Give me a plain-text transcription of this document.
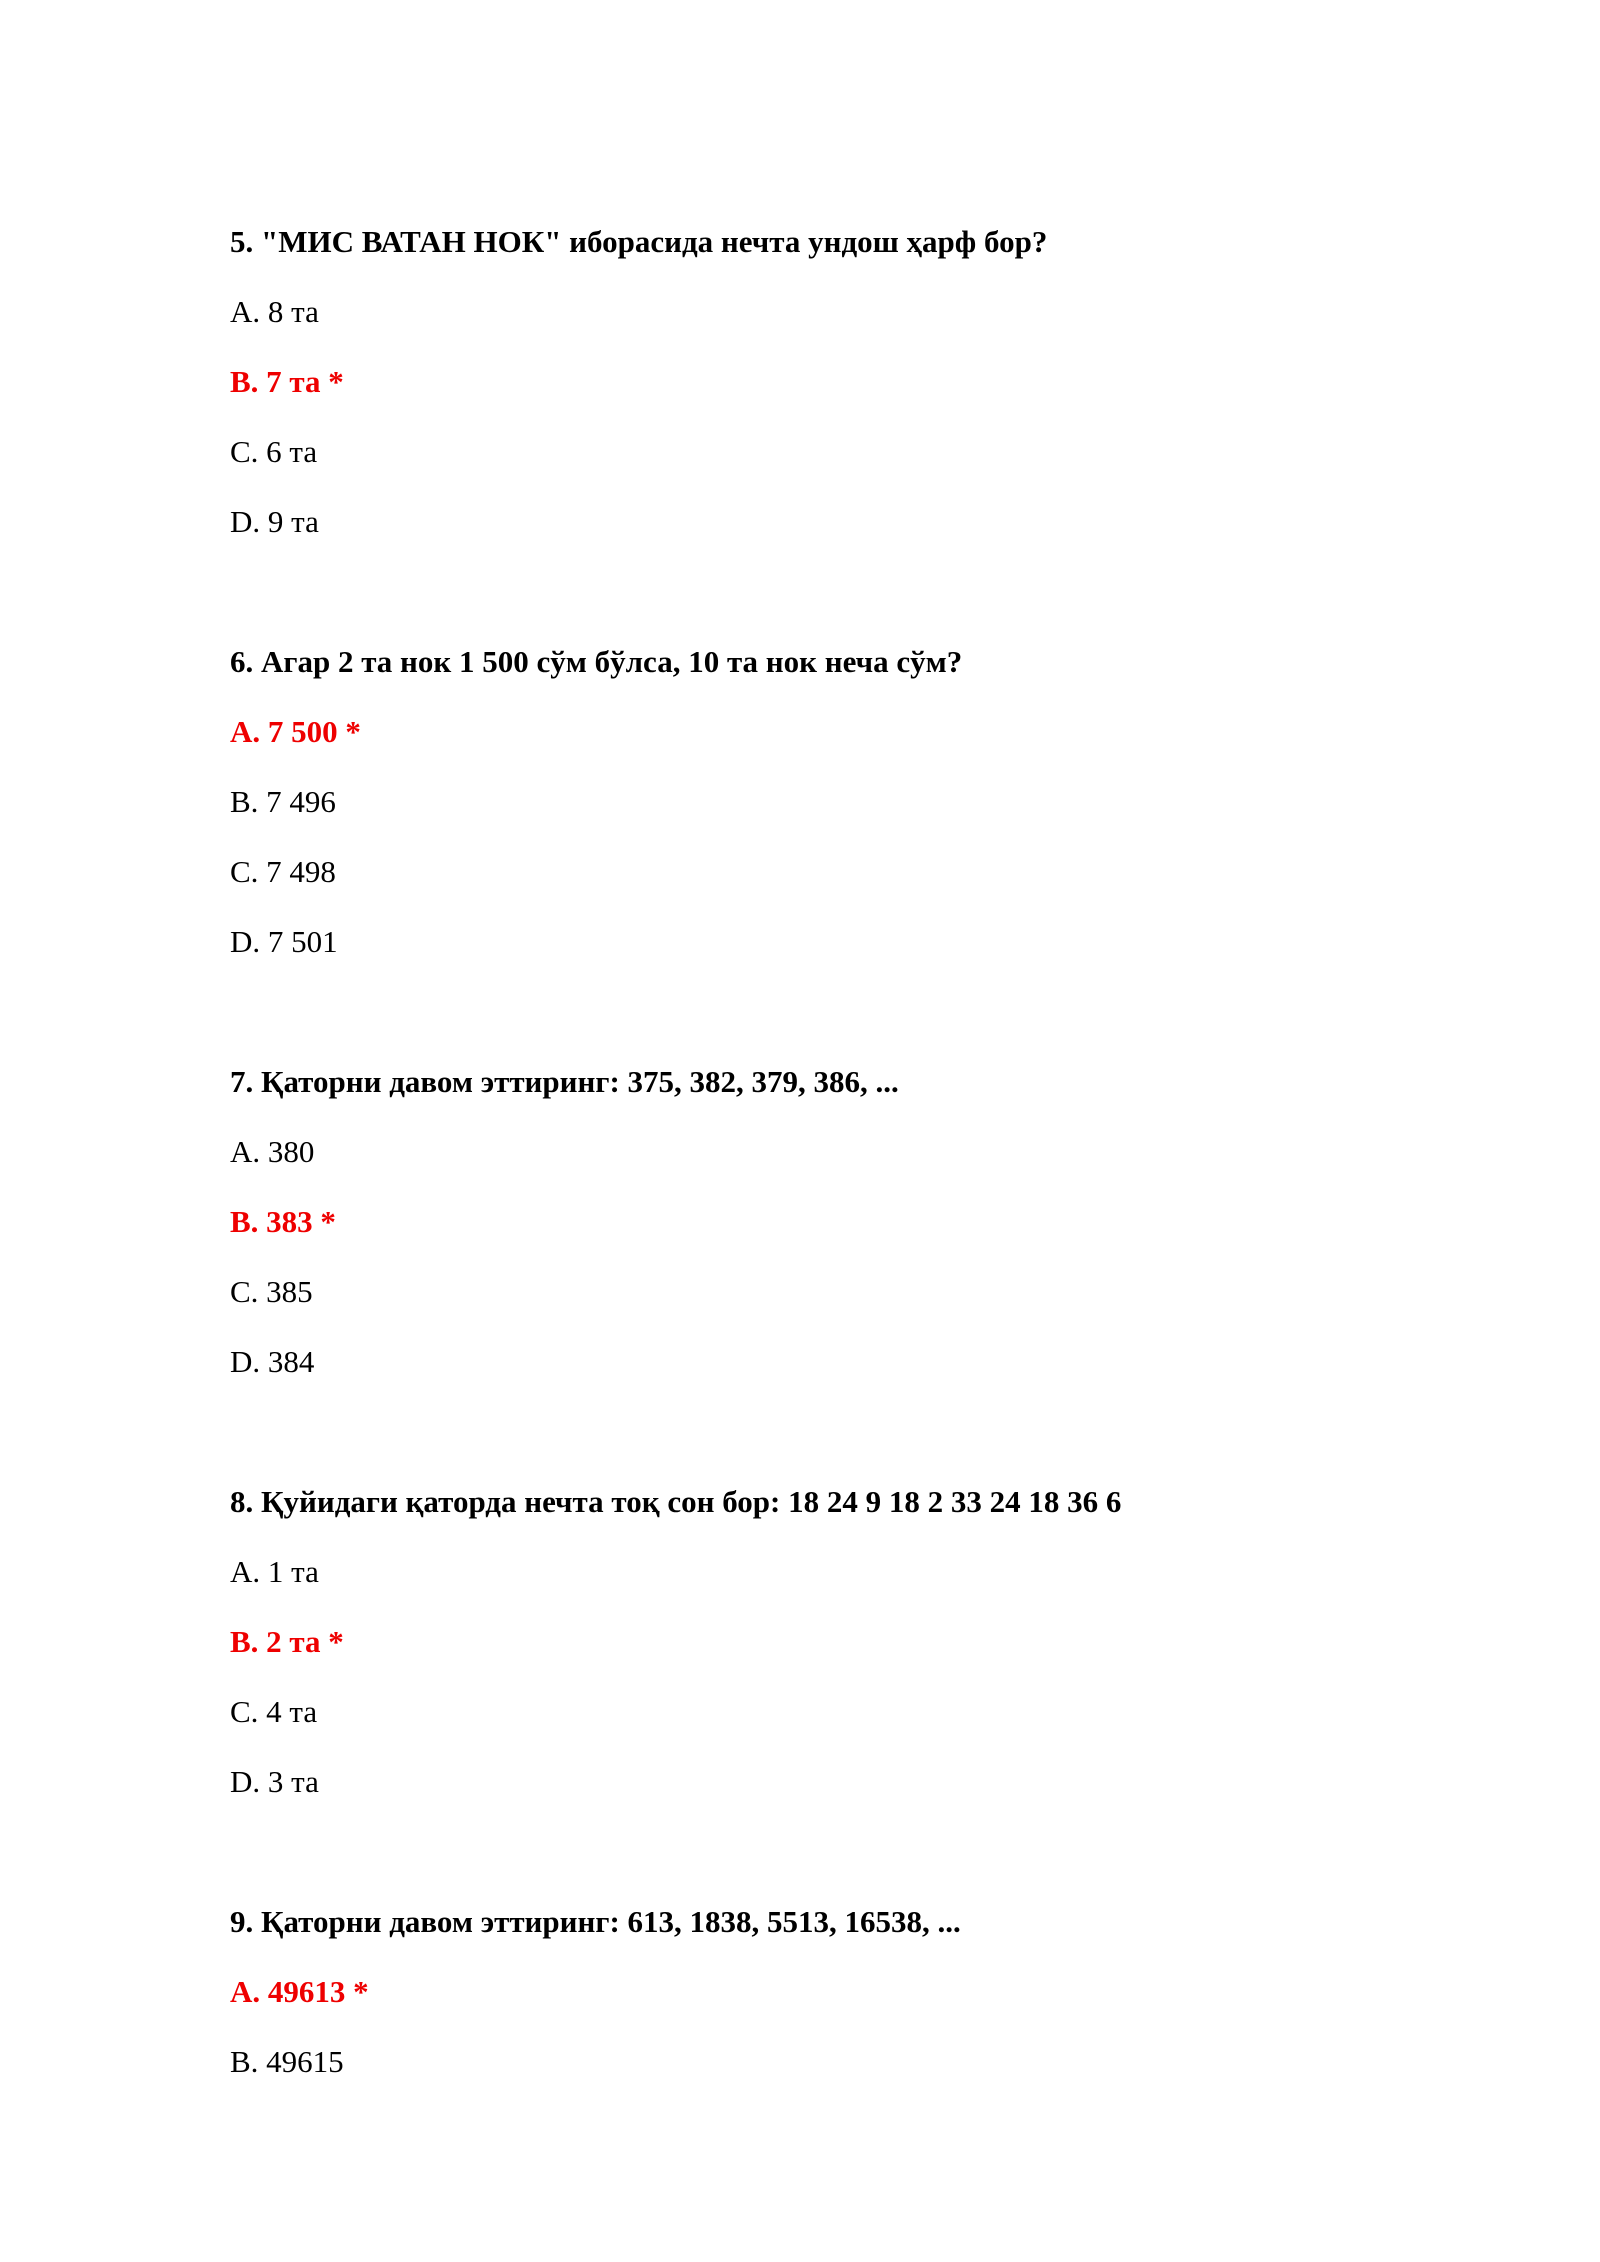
5. "МИС ВАТАН НОК" иборасида нечта ундош ҳарф бор?
A. 8 та
B. 7 та *
C. 6 та
D. 9 та
6. Агар 2 та нок 1 500 сўм бўлса, 10 та нок неча сўм?
A. 7 500 *
B. 7 496
C. 7 498
D. 7 501
7. Қаторни давом эттиринг: 375, 382, 379, 386, ...
A. 380
B. 383 *
C. 385
D. 384
8. Қуйидаги қаторда нечта тоқ сон бор: 18 24 9 18 2 33 24 18 36 6
A. 1 та
B. 2 та *
C. 4 та
D. 3 та
9. Қаторни давом эттиринг: 613, 1838, 5513, 16538, ...
A. 49613 *
B. 49615
